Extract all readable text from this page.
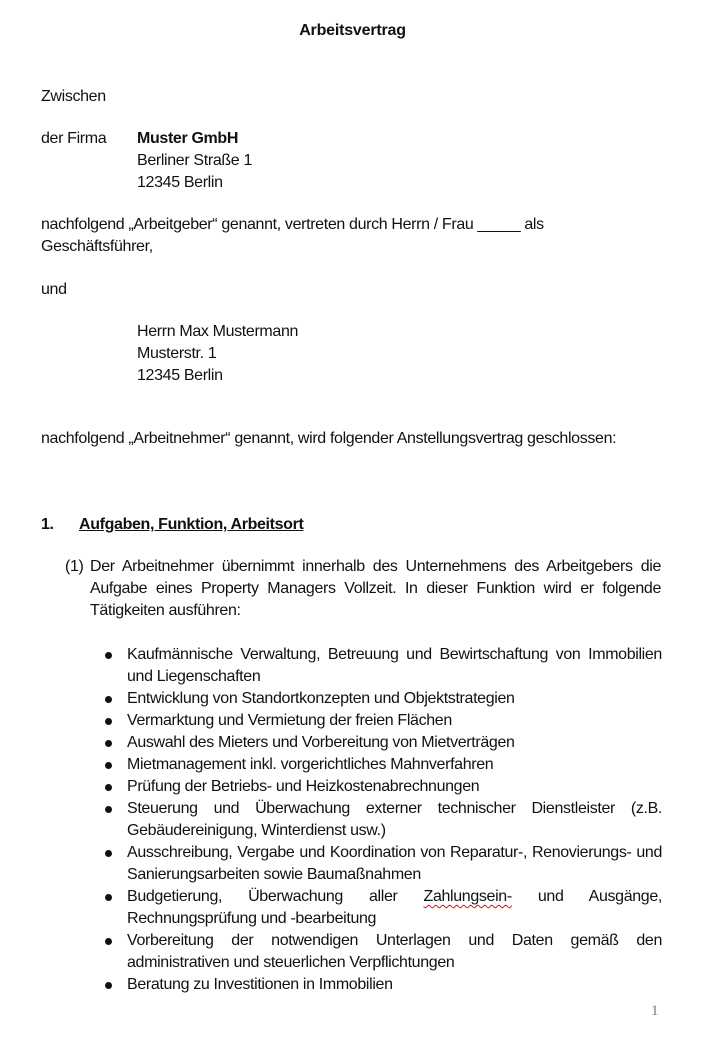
Arbeitsvertrag
Zwischen
der Firma Muster GmbH
Berliner Straße 1
12345 Berlin
nachfolgend „Arbeitgeber“ genannt, vertreten durch Herrn / Frau _____ als
Geschäftsführer,
und
Herrn Max Mustermann
Musterstr. 1
12345 Berlin
nachfolgend „Arbeitnehmer“ genannt, wird folgender Anstellungsvertrag geschlossen:
1. Aufgaben, Funktion, Arbeitsort
(1) Der Arbeitnehmer übernimmt innerhalb des Unternehmens des Arbeitgebers die Aufgabe eines Property Managers Vollzeit. In dieser Funktion wird er folgende Tätigkeiten ausführen:
Kaufmännische Verwaltung, Betreuung und Bewirtschaftung von Immobilien und Liegenschaften
Entwicklung von Standortkonzepten und Objektstrategien
Vermarktung und Vermietung der freien Flächen
Auswahl des Mieters und Vorbereitung von Mietverträgen
Mietmanagement inkl. vorgerichtliches Mahnverfahren
Prüfung der Betriebs- und Heizkostenabrechnungen
Steuerung und Überwachung externer technischer Dienstleister (z.B. Gebäudereinigung, Winterdienst usw.)
Ausschreibung, Vergabe und Koordination von Reparatur-, Renovierungs- und Sanierungsarbeiten sowie Baumaßnahmen
Budgetierung, Überwachung aller Zahlungsein- und Ausgänge, Rechnungsprüfung und -bearbeitung
Vorbereitung der notwendigen Unterlagen und Daten gemäß den administrativen und steuerlichen Verpflichtungen
Beratung zu Investitionen in Immobilien
1
